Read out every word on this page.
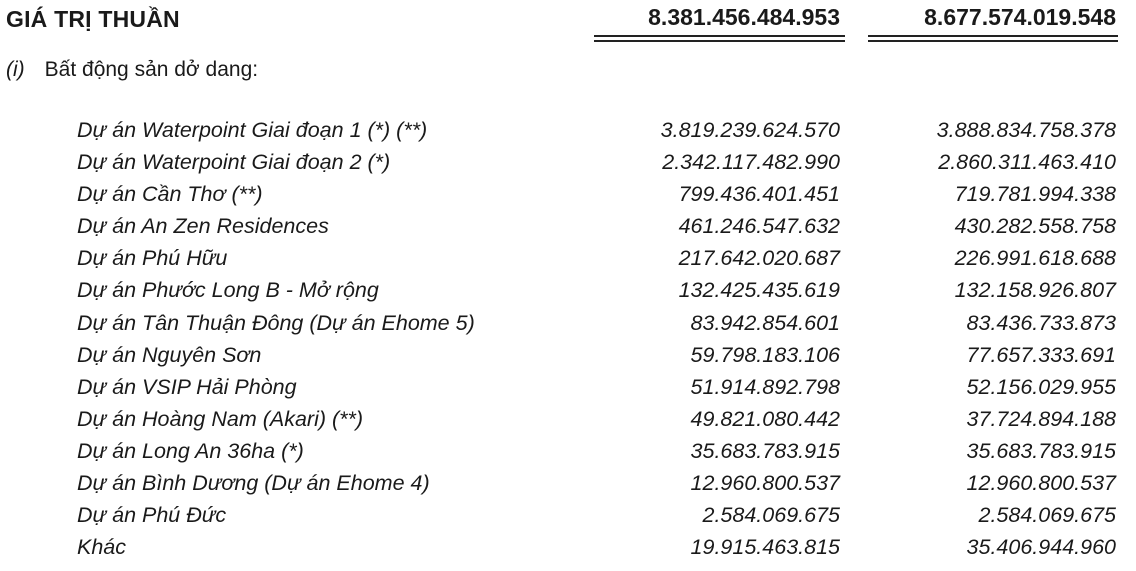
GIÁ TRỊ THUẦN	8.381.456.484.953	8.677.574.019.548
(i) Bất động sản dở dang:
Dự án Waterpoint Giai đoạn 1 (*) (**)	3.819.239.624.570	3.888.834.758.378
Dự án Waterpoint Giai đoạn 2 (*)	2.342.117.482.990	2.860.311.463.410
Dự án Cần Thơ (**)	799.436.401.451	719.781.994.338
Dự án An Zen Residences	461.246.547.632	430.282.558.758
Dự án Phú Hữu	217.642.020.687	226.991.618.688
Dự án Phước Long B - Mở rộng	132.425.435.619	132.158.926.807
Dự án Tân Thuận Đông (Dự án Ehome 5)	83.942.854.601	83.436.733.873
Dự án Nguyên Sơn	59.798.183.106	77.657.333.691
Dự án VSIP Hải Phòng	51.914.892.798	52.156.029.955
Dự án Hoàng Nam (Akari) (**)	49.821.080.442	37.724.894.188
Dự án Long An 36ha (*)	35.683.783.915	35.683.783.915
Dự án Bình Dương (Dự án Ehome 4)	12.960.800.537	12.960.800.537
Dự án Phú Đức	2.584.069.675	2.584.069.675
Khác	19.915.463.815	35.406.944.960
